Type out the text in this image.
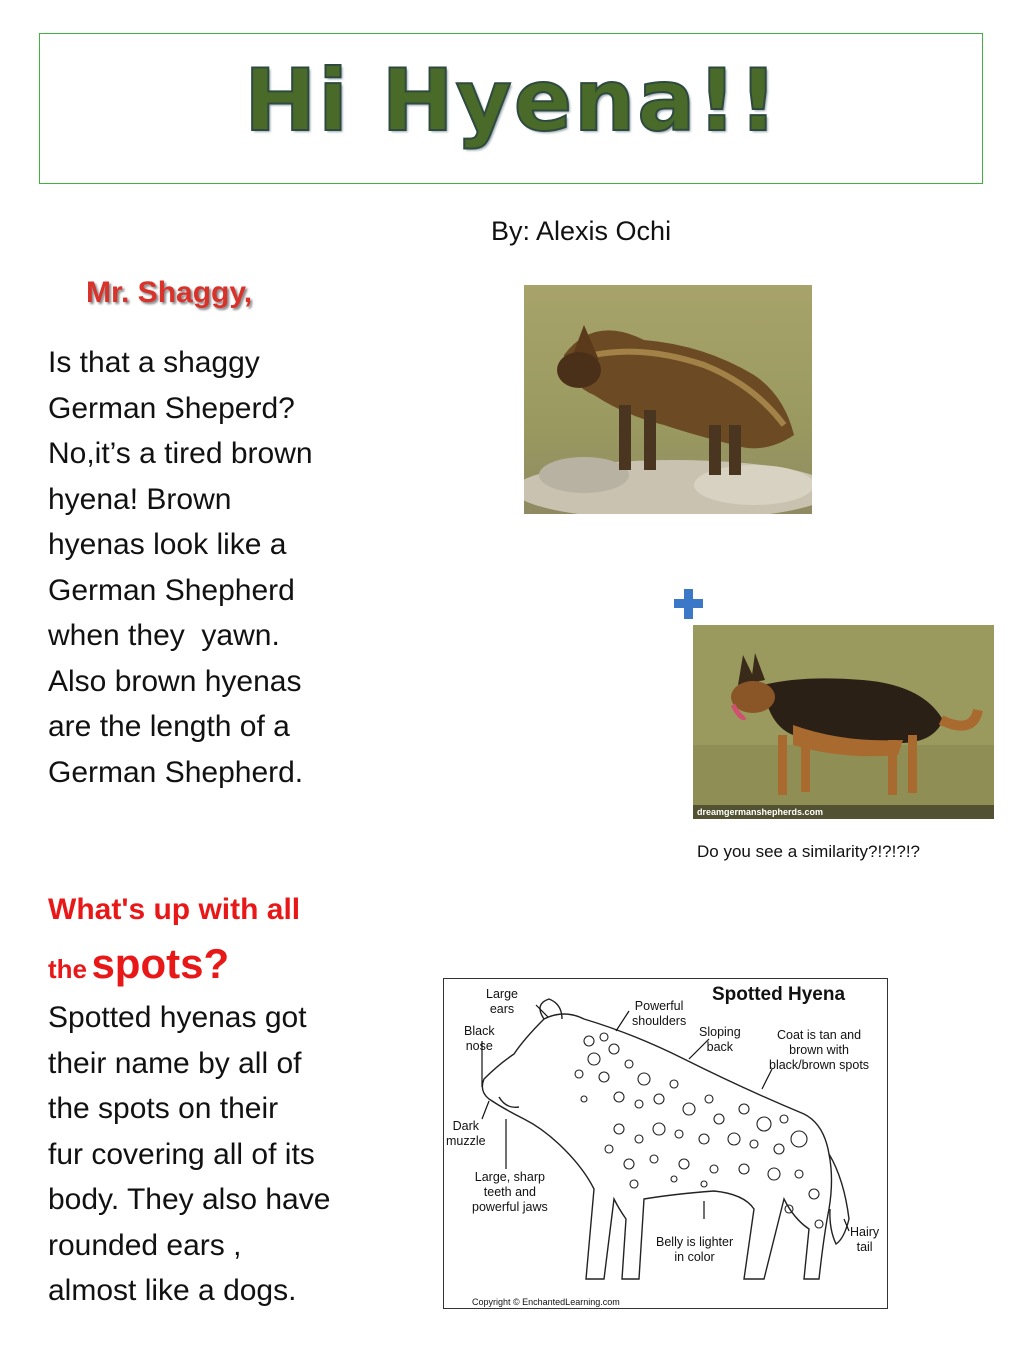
Hi Hyena!!
By: Alexis Ochi
Mr. Shaggy,
Is that a shaggy
German Sheperd?
No,it’s a tired brown
hyena! Brown
hyenas look like a
German Shepherd
when they  yawn.
Also brown hyenas
are the length of a
German Shepherd.
What's up with all
the spots?
Spotted hyenas got
their name by all of
the spots on their
fur covering all of its
body. They also have
rounded ears ,
almost like a dogs.
dreamgermanshepherds.com
Do you see a similarity?!?!?!?
Spotted Hyena
Large
ears	Powerful
shoulders
Black
nose
Sloping
back
Coat is tan and
brown with
black/brown spots
Dark
muzzle
Large, sharp
teeth and
powerful jaws
Belly is lighter
in color
Hairy
tail
Copyright © EnchantedLearning.com
